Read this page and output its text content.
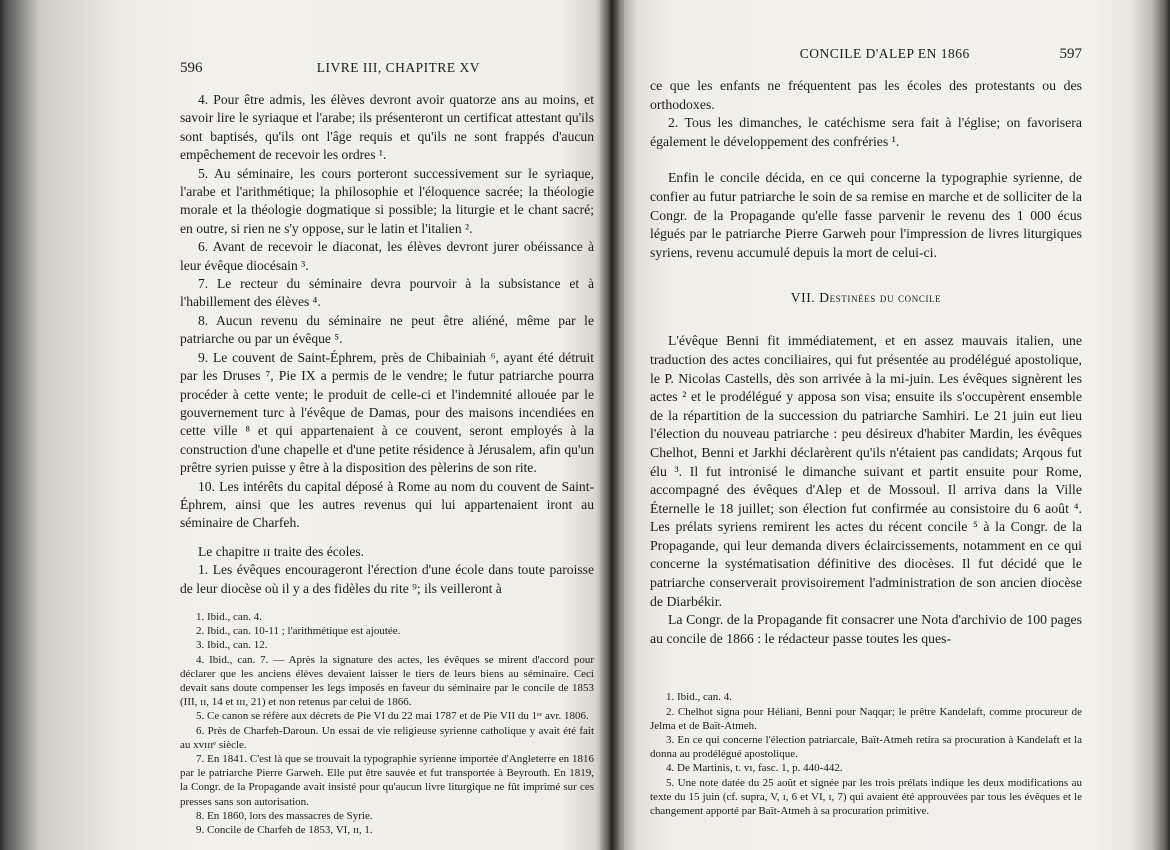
596	LIVRE III, CHAPITRE XV

4. Pour être admis, les élèves devront avoir quatorze ans au moins, et savoir lire le syriaque et l'arabe; ils présenteront un certificat attestant qu'ils sont baptisés, qu'ils ont l'âge requis et qu'ils ne sont frappés d'aucun empêchement de recevoir les ordres ¹.

5. Au séminaire, les cours porteront successivement sur le syriaque, l'arabe et l'arithmétique; la philosophie et l'éloquence sacrée; la théologie morale et la théologie dogmatique si possible; la liturgie et le chant sacré; en outre, si rien ne s'y oppose, sur le latin et l'italien ².

6. Avant de recevoir le diaconat, les élèves devront jurer obéissance à leur évêque diocésain ³.

7. Le recteur du séminaire devra pourvoir à la subsistance et à l'habillement des élèves ⁴.

8. Aucun revenu du séminaire ne peut être aliéné, même par le patriarche ou par un évêque ⁵.

9. Le couvent de Saint-Éphrem, près de Chibainiah ⁶, ayant été détruit par les Druses ⁷, Pie IX a permis de le vendre; le futur patriarche pourra procéder à cette vente; le produit de celle-ci et l'indemnité allouée par le gouvernement turc à l'évêque de Damas, pour des maisons incendiées en cette ville ⁸ et qui appartenaient à ce couvent, seront employés à la construction d'une chapelle et d'une petite résidence à Jérusalem, afin qu'un prêtre syrien puisse y être à la disposition des pèlerins de son rite.

10. Les intérêts du capital déposé à Rome au nom du couvent de Saint-Éphrem, ainsi que les autres revenus qui lui appartenaient iront au séminaire de Charfeh.

Le chapitre ɪɪ traite des écoles.

1. Les évêques encourageront l'érection d'une école dans toute paroisse de leur diocèse où il y a des fidèles du rite ⁹; ils veilleront à

1. Ibid., can. 4.

2. Ibid., can. 10-11 ; l'arithmétique est ajoutée.

3. Ibid., can. 12.

4. Ibid., can. 7. — Après la signature des actes, les évêques se mirent d'accord pour déclarer que les anciens élèves devaient laisser le tiers de leurs biens au séminaire. Ceci devait sans doute compenser les legs imposés en faveur du séminaire par le concile de 1853 (III, ɪɪ, 14 et ɪɪɪ, 21) et non retenus par celui de 1866.

5. Ce canon se réfère aux décrets de Pie VI du 22 mai 1787 et de Pie VII du 1ᵉʳ avr. 1806.

6. Près de Charfeh-Daroun. Un essai de vie religieuse syrienne catholique y avait été fait au xᴠɪɪɪᵉ siècle.

7. En 1841. C'est là que se trouvait la typographie syrienne importée d'Angleterre en 1816 par le patriarche Pierre Garweh. Elle put être sauvée et fut transportée à Beyrouth. En 1819, la Congr. de la Propagande avait insisté pour qu'aucun livre liturgique ne fût imprimé sur ces presses sans son autorisation.

8. En 1860, lors des massacres de Syrie.

9. Concile de Charfeh de 1853, VI, ɪɪ, 1.

CONCILE D'ALEP EN 1866	597

ce que les enfants ne fréquentent pas les écoles des protestants ou des orthodoxes.

2. Tous les dimanches, le catéchisme sera fait à l'église; on favorisera également le développement des confréries ¹.

Enfin le concile décida, en ce qui concerne la typographie syrienne, de confier au futur patriarche le soin de sa remise en marche et de solliciter de la Congr. de la Propagande qu'elle fasse parvenir le revenu des 1 000 écus légués par le patriarche Pierre Garweh pour l'impression de livres liturgiques syriens, revenu accumulé depuis la mort de celui-ci.

VII. Destinées du concile

L'évêque Benni fit immédiatement, et en assez mauvais italien, une traduction des actes conciliaires, qui fut présentée au prodélégué apostolique, le P. Nicolas Castells, dès son arrivée à la mi-juin. Les évêques signèrent les actes ² et le prodélégué y apposa son visa; ensuite ils s'occupèrent ensemble de la répartition de la succession du patriarche Samhiri. Le 21 juin eut lieu l'élection du nouveau patriarche : peu désireux d'habiter Mardin, les évêques Chelhot, Benni et Jarkhi déclarèrent qu'ils n'étaient pas candidats; Arqous fut élu ³. Il fut intronisé le dimanche suivant et partit ensuite pour Rome, accompagné des évêques d'Alep et de Mossoul. Il arriva dans la Ville Éternelle le 18 juillet; son élection fut confirmée au consistoire du 6 août ⁴. Les prélats syriens remirent les actes du récent concile ⁵ à la Congr. de la Propagande, qui leur demanda divers éclaircissements, notamment en ce qui concerne la systématisation définitive des diocèses. Il fut décidé que le patriarche conserverait provisoirement l'administration de son ancien diocèse de Diarbékir.

La Congr. de la Propagande fit consacrer une Nota d'archivio de 100 pages au concile de 1866 : le rédacteur passe toutes les ques-

1. Ibid., can. 4.

2. Chelhot signa pour Héliani, Benni pour Naqqar; le prêtre Kandelaft, comme procureur de Jelma et de Baït-Atmeh.

3. En ce qui concerne l'élection patriarcale, Baït-Atmeh retira sa procuration à Kandelaft et la donna au prodélégué apostolique.

4. De Martinis, t. ᴠɪ, fasc. 1, p. 440-442.

5. Une note datée du 25 août et signée par les trois prélats indique les deux modifications au texte du 15 juin (cf. supra, V, ɪ, 6 et VI, ɪ, 7) qui avaient été approuvées par tous les évêques et le changement apporté par Baït-Atmeh à sa procuration primitive.
